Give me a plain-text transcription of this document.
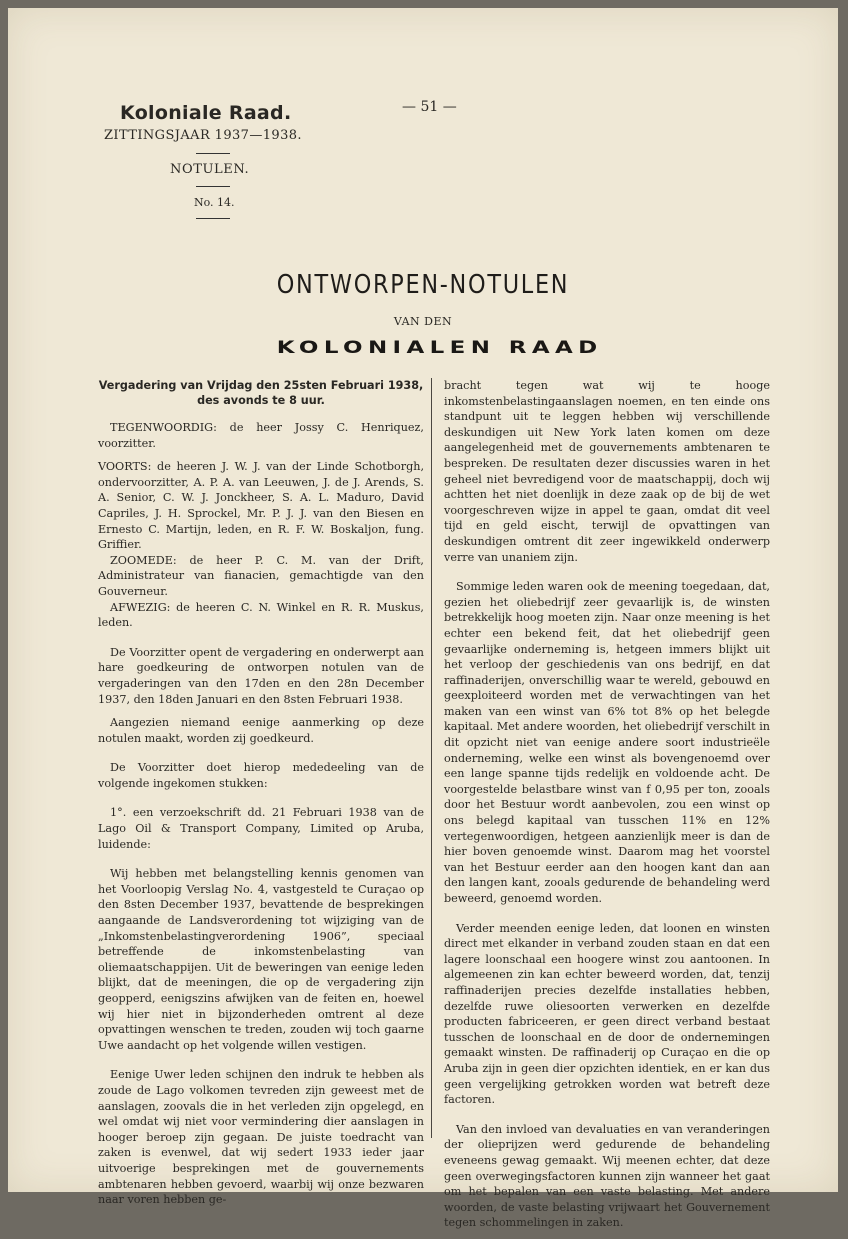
Koloniale Raad.
ZITTINGSJAAR 1937—1938.
NOTULEN.
No. 14.
— 51 —
ONTWORPEN-NOTULEN
VAN DEN
KOLONIALEN RAAD
Vergadering van Vrijdag den 25sten Februari 1938, des avonds te 8 uur.

TEGENWOORDIG: de heer Jossy C. Henriquez, voorzitter.

VOORTS: de heeren J. W. J. van der Linde Schotborgh, ondervoorzitter, A. P. A. van Leeuwen, J. de J. Arends, S. A. Senior, C. W. J. Jonckheer, S. A. L. Maduro, David Capriles, J. H. Sprockel, Mr. P. J. J. van den Biesen en Ernesto C. Martijn, leden, en R. F. W. Boskaljon, fung. Griffier.

ZOOMEDE: de heer P. C. M. van der Drift, Administrateur van fianacien, gemachtigde van den Gouverneur.

AFWEZIG: de heeren C. N. Winkel en R. R. Muskus, leden.

De Voorzitter opent de vergadering en onderwerpt aan hare goedkeuring de ontworpen notulen van de vergaderingen van den 17den en den 28n December 1937, den 18den Januari en den 8sten Februari 1938.

Aangezien niemand eenige aanmerking op deze notulen maakt, worden zij goedkeurd.

De Voorzitter doet hierop mededeeling van de volgende ingekomen stukken:

1°. een verzoekschrift dd. 21 Februari 1938 van de Lago Oil & Transport Company, Limited op Aruba, luidende:

Wij hebben met belangstelling kennis genomen van het Voorloopig Verslag No. 4, vastgesteld te Curaçao op den 8sten December 1937, bevattende de besprekingen aangaande de Landsverordening tot wijziging van de „Inkomstenbelastingverordening 1906”, speciaal betreffende de inkomstenbelasting van oliemaatschappijen. Uit de beweringen van eenige leden blijkt, dat de meeningen, die op de vergadering zijn geopperd, eenigszins afwijken van de feiten en, hoewel wij hier niet in bijzonderheden omtrent al deze opvattingen wenschen te treden, zouden wij toch gaarne Uwe aandacht op het volgende willen vestigen.

Eenige Uwer leden schijnen den indruk te hebben als zoude de Lago volkomen tevreden zijn geweest met de aanslagen, zoovals die in het verleden zijn opgelegd, en wel omdat wij niet voor vermindering dier aanslagen in hooger beroep zijn gegaan. De juiste toedracht van zaken is evenwel, dat wij sedert 1933 ieder jaar uitvoerige besprekingen met de gouvernements ambtenaren hebben gevoerd, waarbij wij onze bezwaren naar voren hebben ge-

bracht tegen wat wij te hooge inkomstenbelastingaanslagen noemen, en ten einde ons standpunt uit te leggen hebben wij verschillende deskundigen uit New York laten komen om deze aangelegenheid met de gouvernements ambtenaren te bespreken. De resultaten dezer discussies waren in het geheel niet bevredigend voor de maatschappij, doch wij achtten het niet doenlijk in deze zaak op de bij de wet voorgeschreven wijze in appel te gaan, omdat dit veel tijd en geld eischt, terwijl de opvattingen van deskundigen omtrent dit zeer ingewikkeld onderwerp verre van unaniem zijn.

Sommige leden waren ook de meening toegedaan, dat, gezien het oliebedrijf zeer gevaarlijk is, de winsten betrekkelijk hoog moeten zijn. Naar onze meening is het echter een bekend feit, dat het oliebedrijf geen gevaarlijke onderneming is, hetgeen immers blijkt uit het verloop der geschiedenis van ons bedrijf, en dat raffinaderijen, onverschillig waar te wereld, gebouwd en geexploiteerd worden met de verwachtingen van het maken van een winst van 6% tot 8% op het belegde kapitaal. Met andere woorden, het oliebedrijf verschilt in dit opzicht niet van eenige andere soort industrieële onderneming, welke een winst als bovengenoemd over een lange spanne tijds redelijk en voldoende acht. De voorgestelde belastbare winst van f 0,95 per ton, zooals door het Bestuur wordt aanbevolen, zou een winst op ons belegd kapitaal van tusschen 11% en 12% vertegenwoordigen, hetgeen aanzienlijk meer is dan de hier boven genoemde winst. Daarom mag het voorstel van het Bestuur eerder aan den hoogen kant dan aan den langen kant, zooals gedurende de behandeling werd beweerd, genoemd worden.

Verder meenden eenige leden, dat loonen en winsten direct met elkander in verband zouden staan en dat een lagere loonschaal een hoogere winst zou aantoonen. In algemeenen zin kan echter beweerd worden, dat, tenzij raffinaderijen precies dezelfde installaties hebben, dezelfde ruwe oliesoorten verwerken en dezelfde producten fabriceeren, er geen direct verband bestaat tusschen de loonschaal en de door de ondernemingen gemaakt winsten. De raffinaderij op Curaçao en die op Aruba zijn in geen dier opzichten identiek, en er kan dus geen vergelijking getrokken worden wat betreft deze factoren.

Van den invloed van devaluaties en van veranderingen der olieprijzen werd gedurende de behandeling eveneens gewag gemaakt. Wij meenen echter, dat deze geen overwegingsfactoren kunnen zijn wanneer het gaat om het bepalen van een vaste belasting. Met andere woorden, de vaste belasting vrijwaart het Gouvernement tegen schommelingen in zaken.
